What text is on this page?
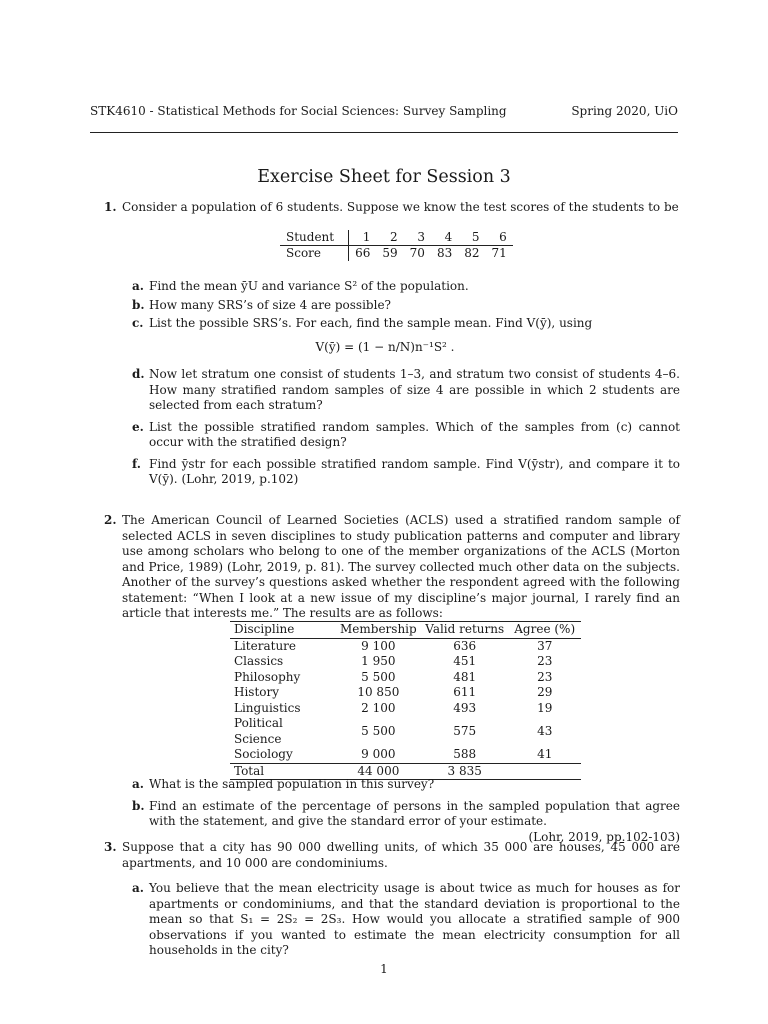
STK4610 - Statistical Methods for Social Sciences: Survey Sampling	Spring 2020, UiO
Exercise Sheet for Session 3
1. Consider a population of 6 students. Suppose we know the test scores of the students to be
Student	1	2	3	4	5	6
Score	66	59	70	83	82	71
a. Find the mean ȳU and variance S² of the population.
b. How many SRS’s of size 4 are possible?
c. List the possible SRS’s. For each, find the sample mean. Find V(ȳ), using
V(ȳ) = (1 − n/N)n⁻¹S² .
d. Now let stratum one consist of students 1–3, and stratum two consist of students 4–6. How many stratified random samples of size 4 are possible in which 2 students are selected from each stratum?
e. List the possible stratified random samples. Which of the samples from (c) cannot occur with the stratified design?
f. Find ȳstr for each possible stratified random sample. Find V(ȳstr), and compare it to V(ȳ). (Lohr, 2019, p.102)
2. The American Council of Learned Societies (ACLS) used a stratified random sample of selected ACLS in seven disciplines to study publication patterns and computer and library use among scholars who belong to one of the member organizations of the ACLS (Morton and Price, 1989) (Lohr, 2019, p. 81). The survey collected much other data on the subjects. Another of the survey’s questions asked whether the respondent agreed with the following statement: “When I look at a new issue of my discipline’s major journal, I rarely find an article that interests me.” The results are as follows:
Discipline	Membership	Valid returns	Agree (%)
Literature	9 100	636	37
Classics	1 950	451	23
Philosophy	5 500	481	23
History	10 850	611	29
Linguistics	2 100	493	19
Political Science	5 500	575	43
Sociology	9 000	588	41
Total	44 000	3 835	
a. What is the sampled population in this survey?
b. Find an estimate of the percentage of persons in the sampled population that agree with the statement, and give the standard error of your estimate.
(Lohr, 2019, pp.102-103)
3. Suppose that a city has 90 000 dwelling units, of which 35 000 are houses, 45 000 are apartments, and 10 000 are condominiums.
a. You believe that the mean electricity usage is about twice as much for houses as for apartments or condominiums, and that the standard deviation is proportional to the mean so that S₁ = 2S₂ = 2S₃. How would you allocate a stratified sample of 900 observations if you wanted to estimate the mean electricity consumption for all households in the city?
1
